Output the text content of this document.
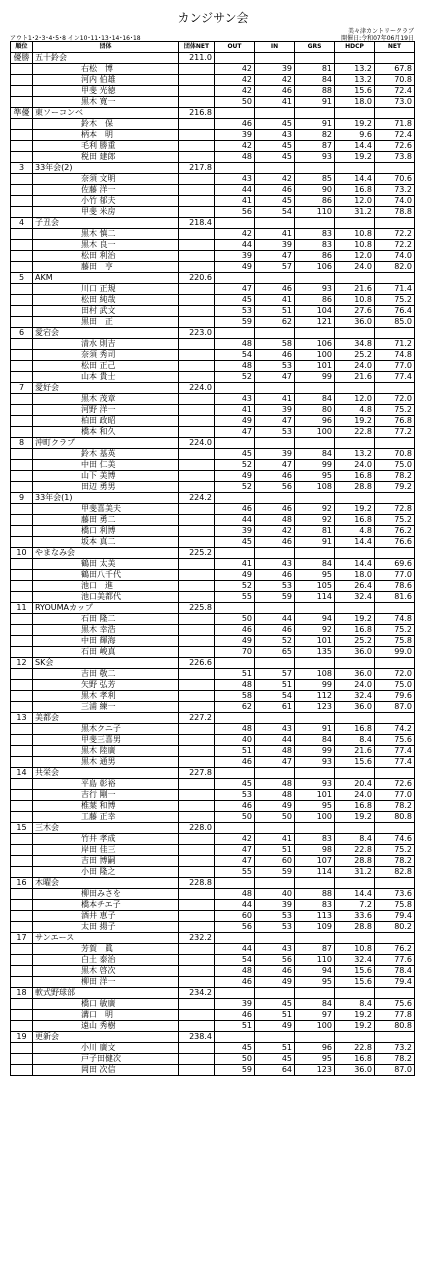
カンジサン会
美々津カントリークラブ
アウト1･2･3･4･5･8 イン10･11･13･14･16･18	開催日:令和07年06月19日
順位	団体	団体NET	OUT	IN	GRS	HDCP	NET
優勝	五十鈴会	211.0					
	右松　博		42	39	81	13.2	67.8
	河内 伯雄		42	42	84	13.2	70.8
	甲斐 光徳		42	46	88	15.6	72.4
	黒木 寛一		50	41	91	18.0	73.0
準優	東ソーコンベ	216.8					
	鈴木　保		46	45	91	19.2	71.8
	柄本　明		39	43	82	9.6	72.4
	毛利 勝重		42	45	87	14.4	72.6
	税田 建郎		48	45	93	19.2	73.8
3	33年会(2)	217.8					
	奈須 文明		43	42	85	14.4	70.6
	佐藤 洋一		44	46	90	16.8	73.2
	小竹 郁夫		41	45	86	12.0	74.0
	甲斐 米房		56	54	110	31.2	78.8
4	子丑会	218.4					
	黒木 慎二		42	41	83	10.8	72.2
	黒木 良一		44	39	83	10.8	72.2
	松田 利治		39	47	86	12.0	74.0
	藤田　亨		49	57	106	24.0	82.0
5	AKM	220.6					
	川口 正規		47	46	93	21.6	71.4
	松田 純哉		45	41	86	10.8	75.2
	田村 武文		53	51	104	27.6	76.4
	黒田　正		59	62	121	36.0	85.0
6	愛宕会	223.0					
	清水 則吉		48	58	106	34.8	71.2
	奈須 秀司		54	46	100	25.2	74.8
	松田 正己		48	53	101	24.0	77.0
	山本 貴士		52	47	99	21.6	77.4
7	愛好会	224.0					
	黒木 茂章		43	41	84	12.0	72.0
	河野 洋一		41	39	80	4.8	75.2
	柏田 政昭		49	47	96	19.2	76.8
	橋本 和久		47	53	100	22.8	77.2
8	沖町クラブ	224.0					
	鈴木 基英		45	39	84	13.2	70.8
	中田 仁美		52	47	99	24.0	75.0
	山下 美博		49	46	95	16.8	78.2
	田辺 勇男		52	56	108	28.8	79.2
9	33年会(1)	224.2					
	甲斐喜美夫		46	46	92	19.2	72.8
	藤田 勇二		44	48	92	16.8	75.2
	橋口 利博		39	42	81	4.8	76.2
	坂本 真二		45	46	91	14.4	76.6
10	やまなみ会	225.2					
	鶴田 太美		41	43	84	14.4	69.6
	鶴田八千代		49	46	95	18.0	77.0
	池口　進		52	53	105	26.4	78.6
	池口美都代		55	59	114	32.4	81.6
11	RYOUMAカップ	225.8					
	石田 隆二		50	44	94	19.2	74.8
	黒木 幸浩		46	46	92	16.8	75.2
	中田 輝海		49	52	101	25.2	75.8
	石田 峻真		70	65	135	36.0	99.0
12	SK会	226.6					
	吉田 敬二		51	57	108	36.0	72.0
	矢野 弘芳		48	51	99	24.0	75.0
	黒木 孝利		58	54	112	32.4	79.6
	三浦 練一		62	61	123	36.0	87.0
13	美都会	227.2					
	黒木クニ子		48	43	91	16.8	74.2
	甲斐三喜男		40	44	84	8.4	75.6
	黒木 陸廣		51	48	99	21.6	77.4
	黒木 通男		46	47	93	15.6	77.4
14	共栄会	227.8					
	平島 彰裕		45	48	93	20.4	72.6
	吉行 剛一		53	48	101	24.0	77.0
	椎葉 和博		46	49	95	16.8	78.2
	工藤 正幸		50	50	100	19.2	80.8
15	三木会	228.0					
	竹井 孝成		42	41	83	8.4	74.6
	岸田 佳三		47	51	98	22.8	75.2
	吉田 博嗣		47	60	107	28.8	78.2
	小田 隆之		55	59	114	31.2	82.8
16	木曜会	228.8					
	柳田みさを		48	40	88	14.4	73.6
	橋本チエ子		44	39	83	7.2	75.8
	酒井 恵子		60	53	113	33.6	79.4
	太田 揚子		56	53	109	28.8	80.2
17	サンエース	232.2					
	芳賀　眞		44	43	87	10.8	76.2
	白土 泰治		54	56	110	32.4	77.6
	黒木 啓次		48	46	94	15.6	78.4
	柳田 洋一		46	49	95	15.6	79.4
18	軟式野球部	234.2					
	橋口 敏廣		39	45	84	8.4	75.6
	溝口　明		46	51	97	19.2	77.8
	遠山 秀樹		51	49	100	19.2	80.8
19	更新会	238.4					
	小川 廣文		45	51	96	22.8	73.2
	戸子田健次		50	45	95	16.8	78.2
	岡田 次信		59	64	123	36.0	87.0
